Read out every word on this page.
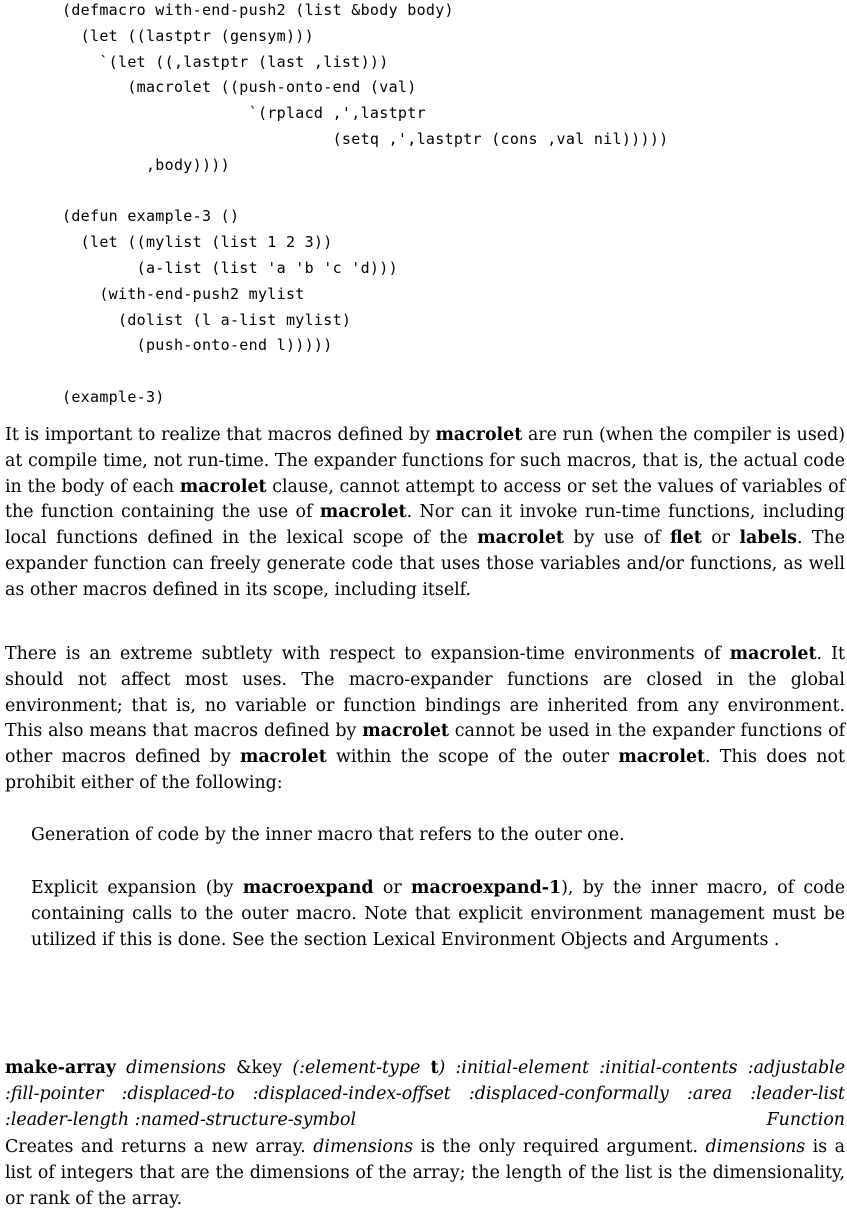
(defmacro with-end-push2 (list &body body)
(let ((lastptr (gensym)))
`(let ((,lastptr (last ,list)))
(macrolet ((push-onto-end (val)
`(rplacd ,',lastptr
(setq ,',lastptr (cons ,val nil)))))
,body))))
(defun example-3 ()
(let ((mylist (list 1 2 3))
(a-list (list 'a 'b 'c 'd)))
(with-end-push2 mylist
(dolist (l a-list mylist)
(push-onto-end l)))))
(example-3)

It is important to realize that macros defined by macrolet are run (when the compiler is used) at compile time, not run-time. The expander functions for such macros, that is, the actual code in the body of each macrolet clause, cannot attempt to access or set the values of variables of the function containing the use of macrolet. Nor can it invoke run-time functions, including local functions defined in the lexical scope of the macrolet by use of flet or labels. The expander function can freely generate code that uses those variables and/or functions, as well as other macros defined in its scope, including itself.

There is an extreme subtlety with respect to expansion-time environments of macrolet. It should not affect most uses. The macro-expander functions are closed in the global environment; that is, no variable or function bindings are inherited from any environment. This also means that macros defined by macrolet cannot be used in the expander functions of other macros defined by macrolet within the scope of the outer macrolet. This does not prohibit either of the following:

Generation of code by the inner macro that refers to the outer one.

Explicit expansion (by macroexpand or macroexpand-1), by the inner macro, of code containing calls to the outer macro. Note that explicit environment management must be utilized if this is done. See the section Lexical Environment Objects and Arguments .

make-array dimensions &key (:element-type t) :initial-element :initial-contents :adjustable :fill-pointer :displaced-to :displaced-index-offset :displaced-conformally :area :leader-list :leader-length :named-structure-symbol	Function

Creates and returns a new array. dimensions is the only required argument. dimensions is a list of integers that are the dimensions of the array; the length of the list is the dimensionality, or rank of the array.
